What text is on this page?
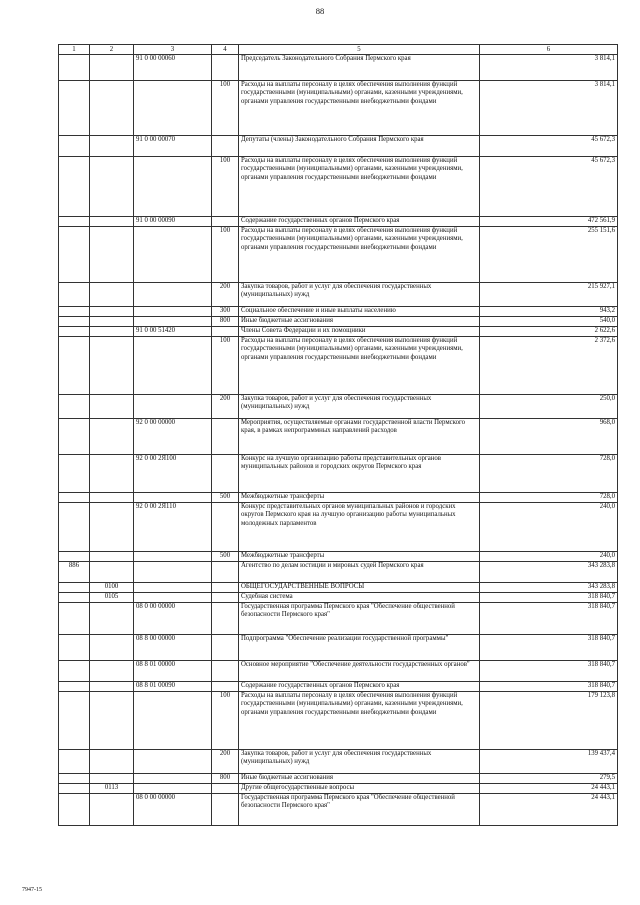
88
1	2	3	4	5	6
		91 0 00 00060		Председатель Законодательного Собрания Пермского края	3 814,1
			100	Расходы на выплаты персоналу в целях обеспечения выполнения функций государственными (муниципальными) органами, казенными учреждениями, органами управления государственными внебюджетными фондами	3 814,1
		91 0 00 00070		Депутаты (члены) Законодательного Собрания Пермского края	45 672,3
			100	Расходы на выплаты персоналу в целях обеспечения выполнения функций государственными (муниципальными) органами, казенными учреждениями, органами управления государственными внебюджетными фондами	45 672,3
		91 0 00 00090		Содержание государственных органов Пермского края	472 561,9
			100	Расходы на выплаты персоналу в целях обеспечения выполнения функций государственными (муниципальными) органами, казенными учреждениями, органами управления государственными внебюджетными фондами	255 151,6
			200	Закупка товаров, работ и услуг для обеспечения государственных (муниципальных) нужд	215 927,1
			300	Социальное обеспечение и иные выплаты населению	943,2
			800	Иные бюджетные ассигнования	540,0
		91 0 00 51420		Члены Совета Федерации и их помощники	2 622,6
			100	Расходы на выплаты персоналу в целях обеспечения выполнения функций государственными (муниципальными) органами, казенными учреждениями, органами управления государственными внебюджетными фондами	2 372,6
			200	Закупка товаров, работ и услуг для обеспечения государственных (муниципальных) нужд	250,0
		92 0 00 00000		Мероприятия, осуществляемые органами государственной власти Пермского края, в рамках непрограммных направлений расходов	968,0
		92 0 00 2Я100		Конкурс на лучшую организацию работы представительных органов муниципальных районов и городских округов Пермского края	728,0
			500	Межбюджетные трансферты	728,0
		92 0 00 2Я110		Конкурс представительных органов муниципальных районов и городских округов Пермского края на лучшую организацию работы муниципальных молодежных парламентов	240,0
			500	Межбюджетные трансферты	240,0
886				Агентство по делам юстиции и мировых судей Пермского края	343 283,8
	0100			ОБЩЕГОСУДАРСТВЕННЫЕ ВОПРОСЫ	343 283,8
	0105			Судебная система	318 840,7
		08 0 00 00000		Государственная программа Пермского края "Обеспечение общественной безопасности Пермского края"	318 840,7
		08 8 00 00000		Подпрограмма "Обеспечение реализации государственной программы"	318 840,7
		08 8 01 00000		Основное мероприятие "Обеспечение деятельности государственных органов"	318 840,7
		08 8 01 00090		Содержание государственных органов Пермского края	318 840,7
			100	Расходы на выплаты персоналу в целях обеспечения выполнения функций государственными (муниципальными) органами, казенными учреждениями, органами управления государственными внебюджетными фондами	179 123,8
			200	Закупка товаров, работ и услуг для обеспечения государственных (муниципальных) нужд	139 437,4
			800	Иные бюджетные ассигнования	279,5
	0113			Другие общегосударственные вопросы	24 443,1
		08 0 00 00000		Государственная программа Пермского края "Обеспечение общественной безопасности Пермского края"	24 443,1
7947-15
